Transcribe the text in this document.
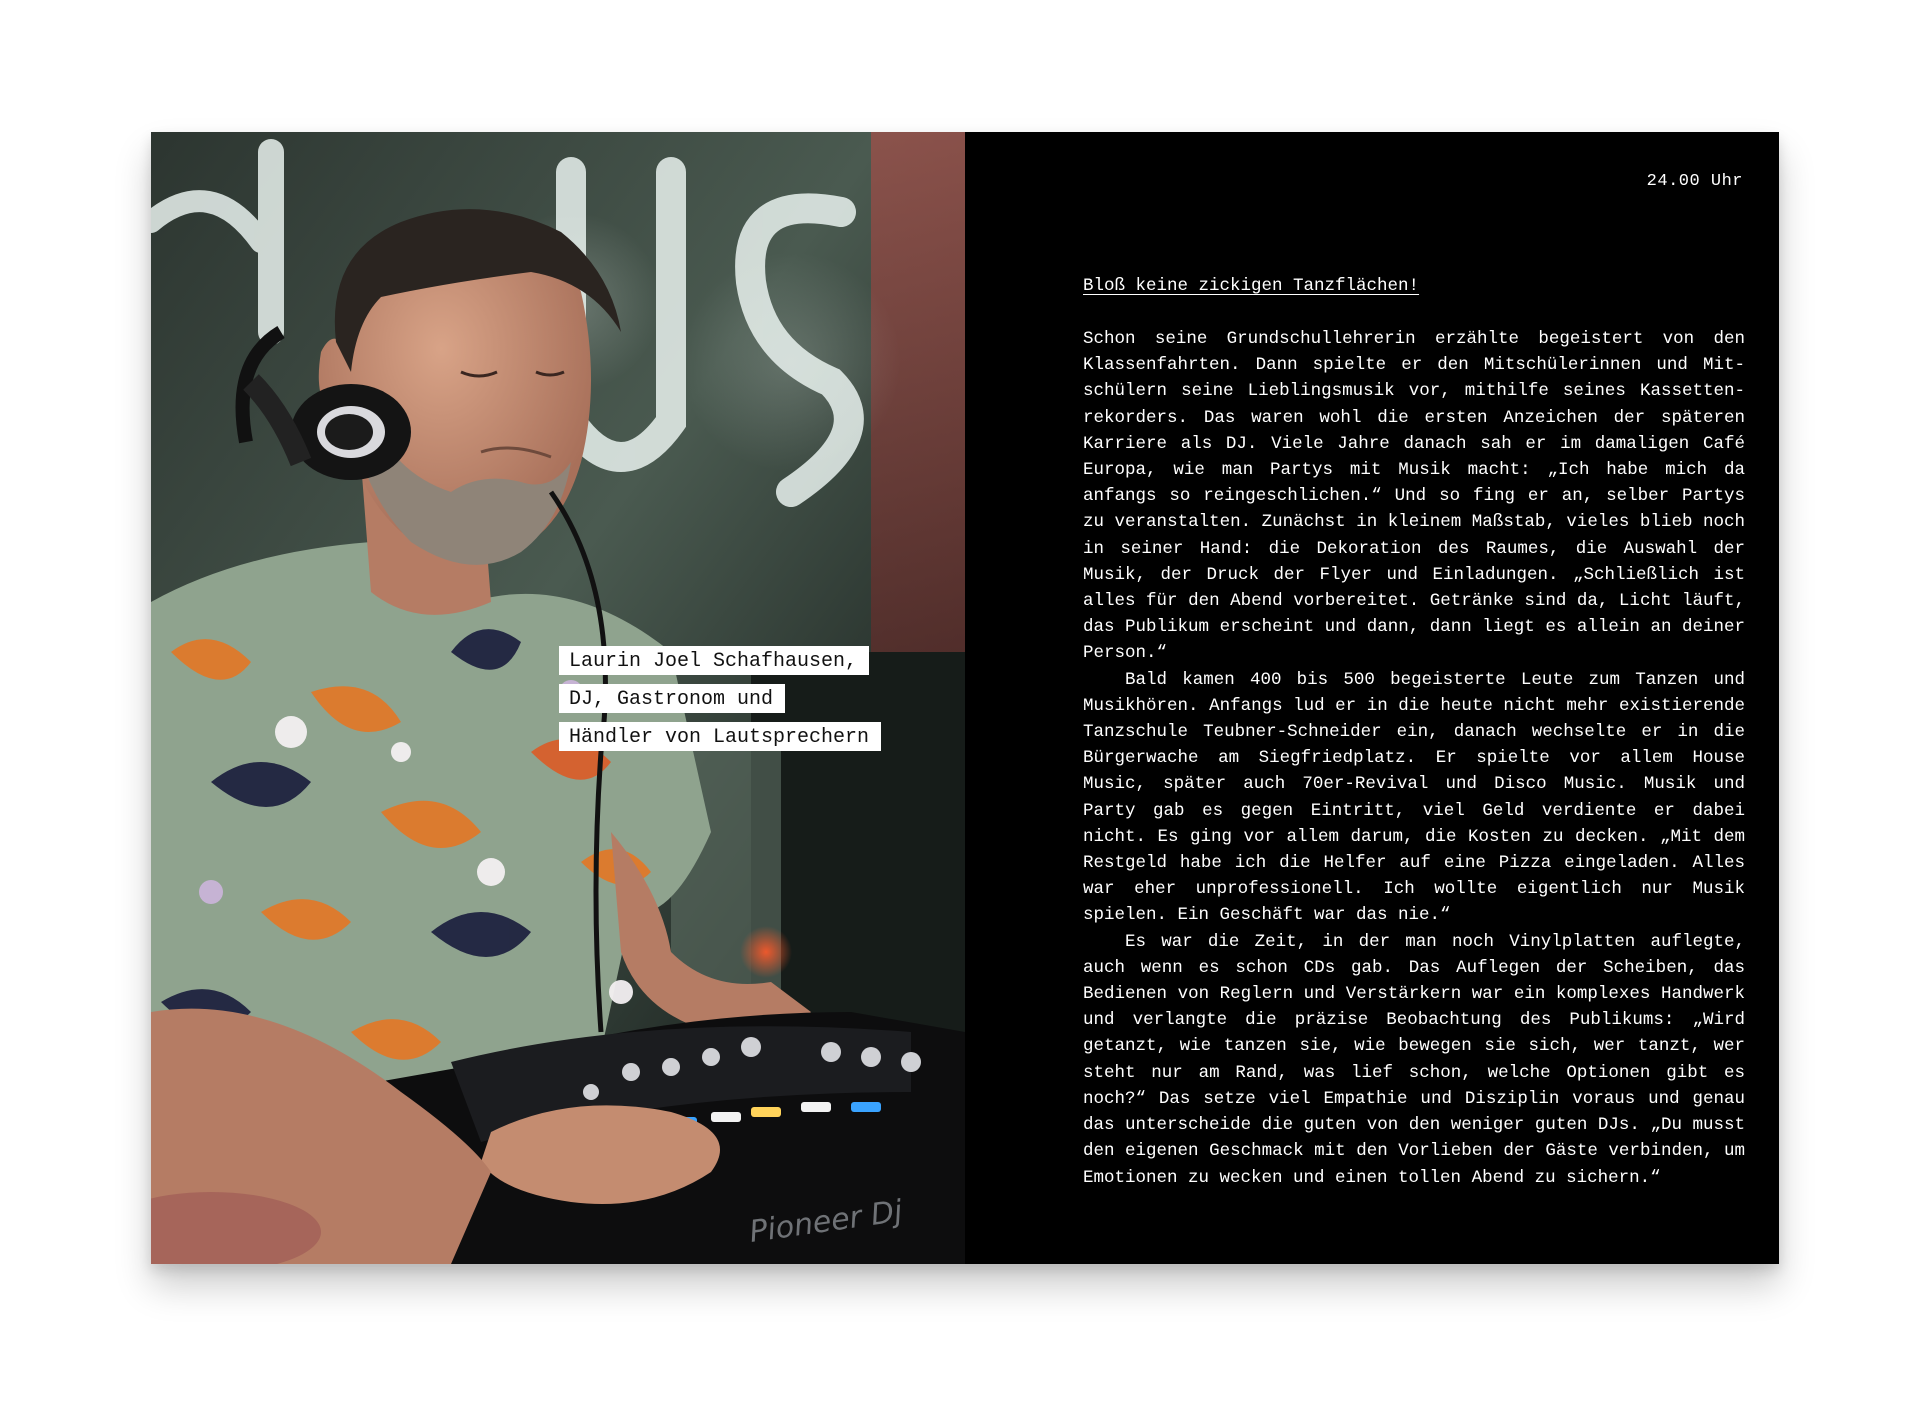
Pioneer Dj
Laurin Joel Schafhausen,
DJ, Gastronom und
Händler von Lautsprechern
24.00 Uhr
Bloß keine zickigen Tanzflächen!

Schon seine Grundschullehrerin erzählte begeistert von den Klassenfahrten. Dann spielte er den Mitschülerinnen und Mitschülern seine Lieblingsmusik vor, mithilfe seines Kassettenrekorders. Das waren wohl die ersten Anzeichen der späteren Karriere als DJ. Viele Jahre danach sah er im damaligen Café Europa, wie man Partys mit Musik macht: „Ich habe mich da anfangs so reingeschlichen.“ Und so fing er an, selber Partys zu veranstalten. Zunächst in kleinem Maßstab, vieles blieb noch in seiner Hand: die Dekoration des Raumes, die Auswahl der Musik, der Druck der Flyer und Einladungen. „Schließlich ist alles für den Abend vorbereitet. Getränke sind da, Licht läuft, das Publikum erscheint und dann, dann liegt es allein an deiner Person.“

Bald kamen 400 bis 500 begeisterte Leute zum Tanzen und Musikhören. Anfangs lud er in die heute nicht mehr existierende Tanzschule Teubner-Schneider ein, danach wechselte er in die Bürgerwache am Siegfriedplatz. Er spielte vor allem House Music, später auch 70er-Revival und Disco Music. Musik und Party gab es gegen Eintritt, viel Geld verdiente er dabei nicht. Es ging vor allem darum, die Kosten zu decken. „Mit dem Restgeld habe ich die Helfer auf eine Pizza eingeladen. Alles war eher unprofessionell. Ich wollte eigentlich nur Musik spielen. Ein Geschäft war das nie.“

Es war die Zeit, in der man noch Vinylplatten auflegte, auch wenn es schon CDs gab. Das Auflegen der Scheiben, das Bedienen von Reglern und Verstärkern war ein komplexes Handwerk und verlangte die präzise Beobachtung des Publikums: „Wird getanzt, wie tanzen sie, wie bewegen sie sich, wer tanzt, wer steht nur am Rand, was lief schon, welche Optionen gibt es noch?“ Das setze viel Empathie und Disziplin voraus und genau das unterscheide die guten von den weniger guten DJs. „Du musst den eigenen Geschmack mit den Vorlieben der Gäste verbinden, um Emotionen zu wecken und einen tollen Abend zu sichern.“
